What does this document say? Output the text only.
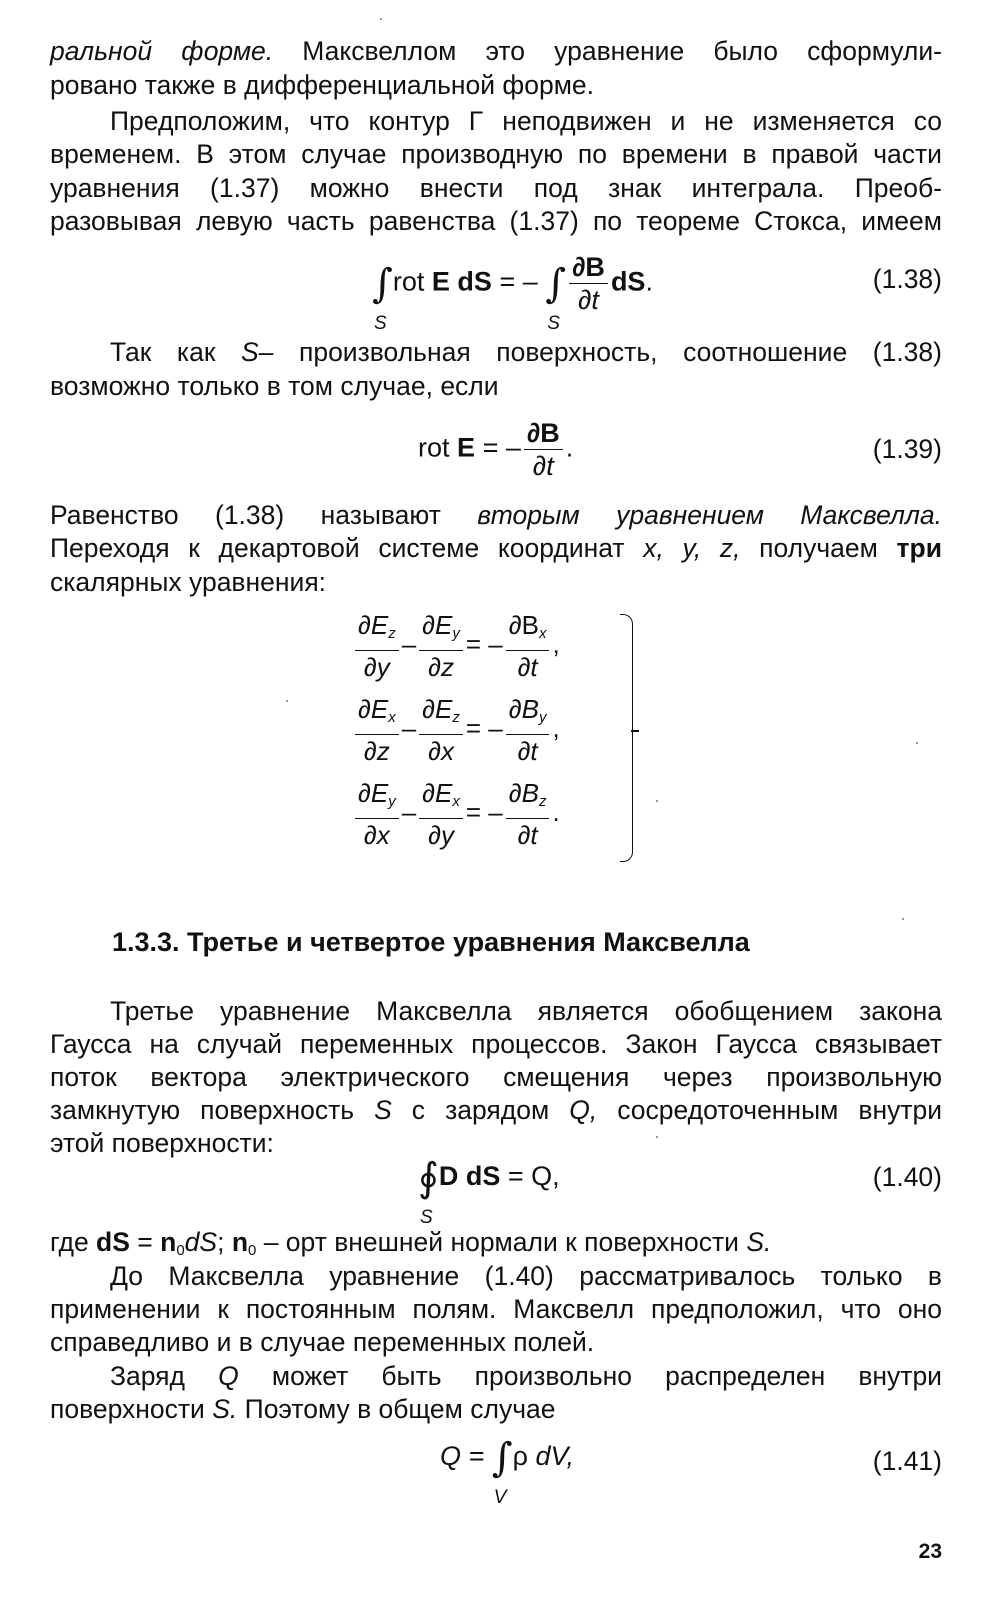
ральной форме. Максвеллом это уравнение было сформули-
ровано также в дифференциальной форме.
Предположим, что контур Γ неподвижен и не изменяется со
временем. В этом случае производную по времени в правой части
уравнения (1.37) можно внести под знак интеграла. Преоб-
разовывая левую часть равенства (1.37) по теореме Стокса, имеем
∫
S
rot E dS = – ∫
S
$\frac{\partial B}{\partial t}$ dS.	(1.38)
Так как S– произвольная поверхность, соотношение (1.38)
возможно только в том случае, если
rot E = – $\frac{\partial B}{\partial t}$ .	(1.39)
Равенство (1.38) называют вторым уравнением Максвелла.
Переходя к декартовой системе координат x, y, z, получаем три
скалярных уравнения:
$\frac{\partial E_z}{\partial y} - \frac{\partial E_y}{\partial z}$ = – $\frac{\partial B_x}{\partial t}$ ,
$\frac{\partial E_x}{\partial z} - \frac{\partial E_z}{\partial x}$ = – $\frac{\partial B_y}{\partial t}$ ,
$\frac{\partial E_y}{\partial x} - \frac{\partial E_x}{\partial y}$ = – $\frac{\partial B_z}{\partial t}$ .
1.3.3. Третье и четвертое уравнения Максвелла
Третье уравнение Максвелла является обобщением закона
Гаусса на случай переменных процессов. Закон Гаусса связывает
поток вектора электрического смещения через произвольную
замкнутую поверхность S с зарядом Q, сосредоточенным внутри
этой поверхности:
∮
S
D dS = Q,	(1.40)
где dS = $n_0dS$; $n_0$ – орт внешней нормали к поверхности S.
До Максвелла уравнение (1.40) рассматривалось только в
применении к постоянным полям. Максвелл предположил, что оно
справедливо и в случае переменных полей.
Заряд Q может быть произвольно распределен внутри
поверхности S. Поэтому в общем случае
Q = ∫
V
ρ dV,	(1.41)
23
